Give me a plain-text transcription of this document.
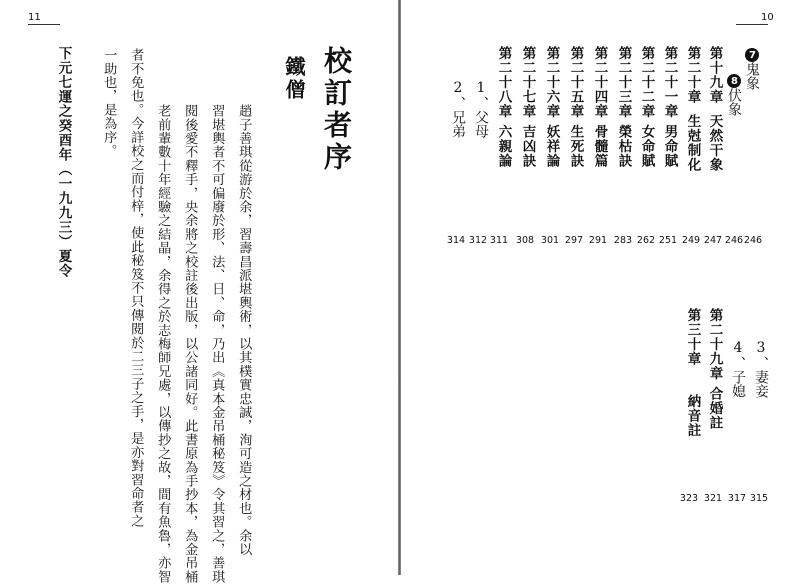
11
校訂者序
鐵僧
趙子善琪從游於余，習壽昌派堪輿術，以其樸實忠誠，洵可造之材也。余以
習堪輿者不可偏廢於形、法、日、命，乃出《真本金吊桶秘笈》令其習之，善琪
閱後愛不釋手，央余將之校註後出版，以公諸同好。此書原為手抄本，為金吊桶
老前輩數十年經驗之結晶，余得之於志梅師兄處，以傳抄之故，間有魚魯，亦智
者不免也。今詳校之而付梓，使此秘笈不只傳閱於二三子之手，是亦對習命者之
一助也，是為序。
下元七運之癸酉年（一九九三）夏令
10
7鬼象
8伏象
第十九章天然干象
第二十章生尅制化
第二十一章男命賦
第二十二章女命賦
第二十三章榮枯訣
第二十四章骨髓篇
第二十五章生死訣
第二十六章妖祥論
第二十七章吉凶訣
第二十八章六親論
1、父母
2、兄弟
246
246
247
249
251
262
283
291
297
301
308
311
312
314
3、妻妾
4、子媳
第二十九章合婚註
第三十章納音註
315
317
321
323
